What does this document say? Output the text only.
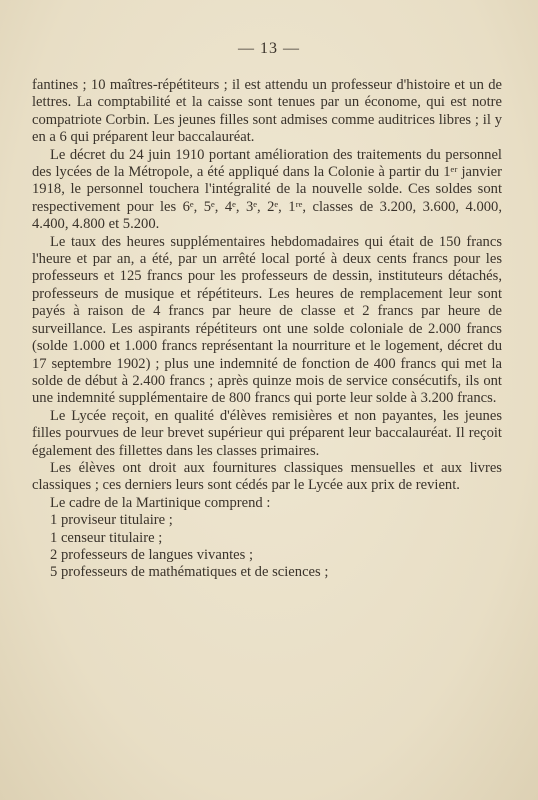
— 13 —

fantines ; 10 maîtres-répétiteurs ; il est attendu un professeur d'histoire et un de lettres. La comptabilité et la caisse sont tenues par un économe, qui est notre compatriote Corbin. Les jeunes filles sont admises comme auditrices libres ; il y en a 6 qui préparent leur baccalauréat.

Le décret du 24 juin 1910 portant amélioration des traitements du personnel des lycées de la Métropole, a été appliqué dans la Colonie à partir du 1ᵉʳ janvier 1918, le personnel touchera l'intégralité de la nouvelle solde. Ces soldes sont respectivement pour les 6ᵉ, 5ᵉ, 4ᵉ, 3ᵉ, 2ᵉ, 1ʳᵉ, classes de 3.200, 3.600, 4.000, 4.400, 4.800 et 5.200.

Le taux des heures supplémentaires hebdomadaires qui était de 150 francs l'heure et par an, a été, par un arrêté local porté à deux cents francs pour les professeurs et 125 francs pour les professeurs de dessin, instituteurs détachés, professeurs de musique et répétiteurs. Les heures de remplacement leur sont payés à raison de 4 francs par heure de classe et 2 francs par heure de surveillance. Les aspirants répétiteurs ont une solde coloniale de 2.000 francs (solde 1.000 et 1.000 francs représentant la nourriture et le logement, décret du 17 septembre 1902) ; plus une indemnité de fonction de 400 francs qui met la solde de début à 2.400 francs ; après quinze mois de service consécutifs, ils ont une indemnité supplémentaire de 800 francs qui porte leur solde à 3.200 francs.

Le Lycée reçoit, en qualité d'élèves remisières et non payantes, les jeunes filles pourvues de leur brevet supérieur qui préparent leur baccalauréat. Il reçoit également des fillettes dans les classes primaires.

Les élèves ont droit aux fournitures classiques mensuelles et aux livres classiques ; ces derniers leurs sont cédés par le Lycée aux prix de revient.

Le cadre de la Martinique comprend :

1 proviseur titulaire ;
1 censeur titulaire ;
2 professeurs de langues vivantes ;
5 professeurs de mathématiques et de sciences ;
